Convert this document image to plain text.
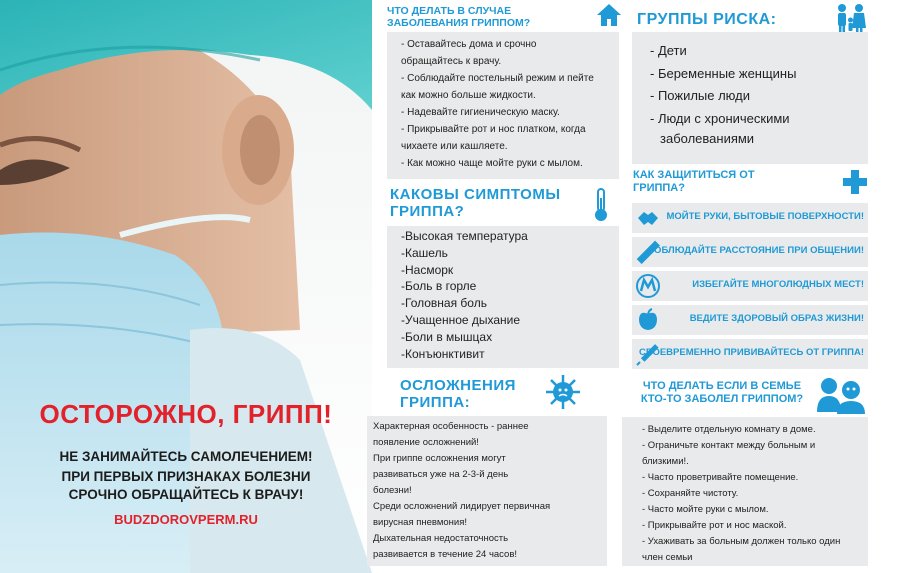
ОСТОРОЖНО, ГРИПП!
НЕ ЗАНИМАЙТЕСЬ САМОЛЕЧЕНИЕМ!
ПРИ ПЕРВЫХ ПРИЗНАКАХ БОЛЕЗНИ
СРОЧНО ОБРАЩАЙТЕСЬ К ВРАЧУ!
BUDZDOROVPERM.RU
ЧТО ДЕЛАТЬ В СЛУЧАЕ
ЗАБОЛЕВАНИЯ ГРИППОМ?
- Оставайтесь дома и срочно
обращайтесь к врачу.
- Соблюдайте постельный режим и пейте
как можно больше жидкости.
- Надевайте гигиеническую маску.
- Прикрывайте рот и нос платком, когда
чихаете или кашляете.
- Как можно чаще мойте руки с мылом.
КАКОВЫ СИМПТОМЫ
ГРИППА?
-Высокая температура
-Кашель
-Насморк
-Боль в горле
-Головная боль
-Учащенное дыхание
-Боли в мышцах
-Конъюнктивит
ОСЛОЖНЕНИЯ
ГРИППА:
Характерная особенность - раннее
появление осложнений!
При гриппе осложнения могут
развиваться уже на 2-3-й день
болезни!
Среди осложнений лидирует первичная
вирусная пневмония!
Дыхательная недостаточность
развивается в течение 24 часов!
ГРУППЫ РИСКА:
- Дети
- Беременные женщины
- Пожилые люди
- Люди с хроническими
заболеваниями
КАК ЗАЩИТИТЬСЯ ОТ
ГРИППА?
МОЙТЕ РУКИ, БЫТОВЫЕ ПОВЕРХНОСТИ!
СОБЛЮДАЙТЕ РАССТОЯНИЕ ПРИ ОБЩЕНИИ!
ИЗБЕГАЙТЕ МНОГОЛЮДНЫХ МЕСТ!
ВЕДИТЕ ЗДОРОВЫЙ ОБРАЗ ЖИЗНИ!
СВОЕВРЕМЕННО ПРИВИВАЙТЕСЬ ОТ ГРИППА!
ЧТО ДЕЛАТЬ ЕСЛИ В СЕМЬЕ
КТО-ТО ЗАБОЛЕЛ ГРИППОМ?
- Выделите отдельную комнату в доме.
- Ограничьте контакт между больным и
близкими!.
- Часто проветривайте помещение.
- Сохраняйте чистоту.
- Часто мойте руки с мылом.
- Прикрывайте рот и нос маской.
- Ухаживать за больным должен только один
член семьи
